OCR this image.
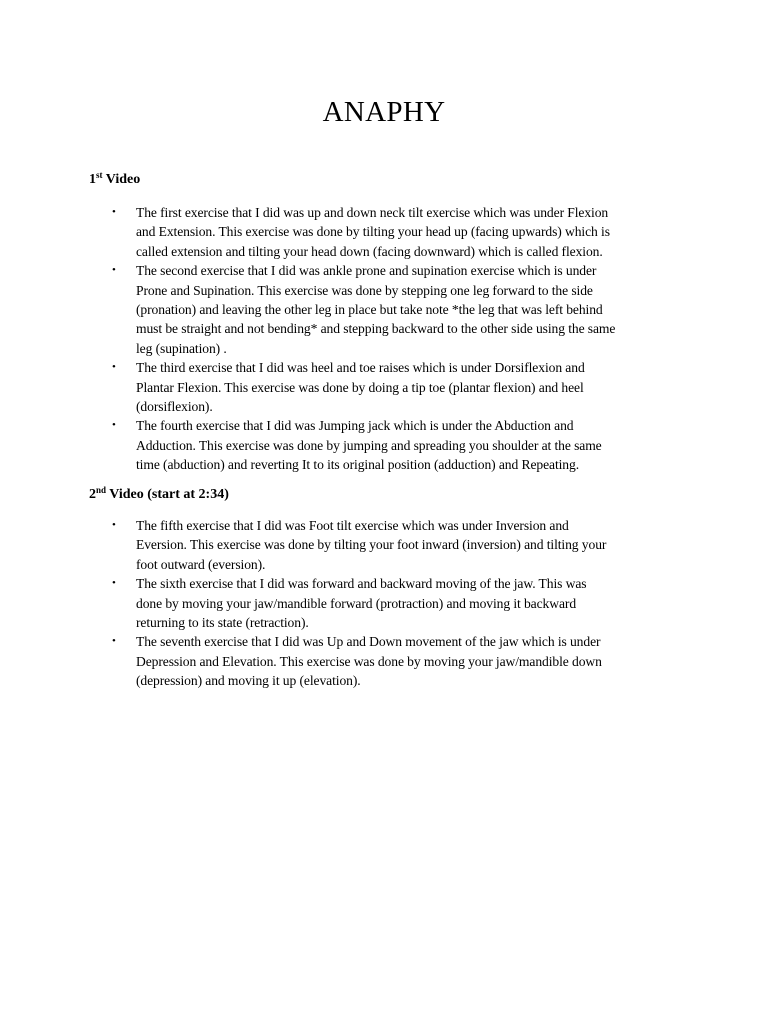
ANAPHY

1st Video

• The first exercise that I did was up and down neck tilt exercise which was under Flexion
and Extension. This exercise was done by tilting your head up (facing upwards) which is
called extension and tilting your head down (facing downward) which is called flexion.
• The second exercise that I did was ankle prone and supination exercise which is under
Prone and Supination. This exercise was done by stepping one leg forward to the side
(pronation) and leaving the other leg in place but take note *the leg that was left behind
must be straight and not bending* and stepping backward to the other side using the same
leg (supination) .
• The third exercise that I did was heel and toe raises which is under Dorsiflexion and
Plantar Flexion. This exercise was done by doing a tip toe (plantar flexion) and heel
(dorsiflexion).
• The fourth exercise that I did was Jumping jack which is under the Abduction and
Adduction. This exercise was done by jumping and spreading you shoulder at the same
time (abduction) and reverting It to its original position (adduction) and Repeating.

2nd Video (start at 2:34)

• The fifth exercise that I did was Foot tilt exercise which was under Inversion and
Eversion. This exercise was done by tilting your foot inward (inversion) and tilting your
foot outward (eversion).
• The sixth exercise that I did was forward and backward moving of the jaw. This was
done by moving your jaw/mandible forward (protraction) and moving it backward
returning to its state (retraction).
• The seventh exercise that I did was Up and Down movement of the jaw which is under
Depression and Elevation. This exercise was done by moving your jaw/mandible down
(depression) and moving it up (elevation).
